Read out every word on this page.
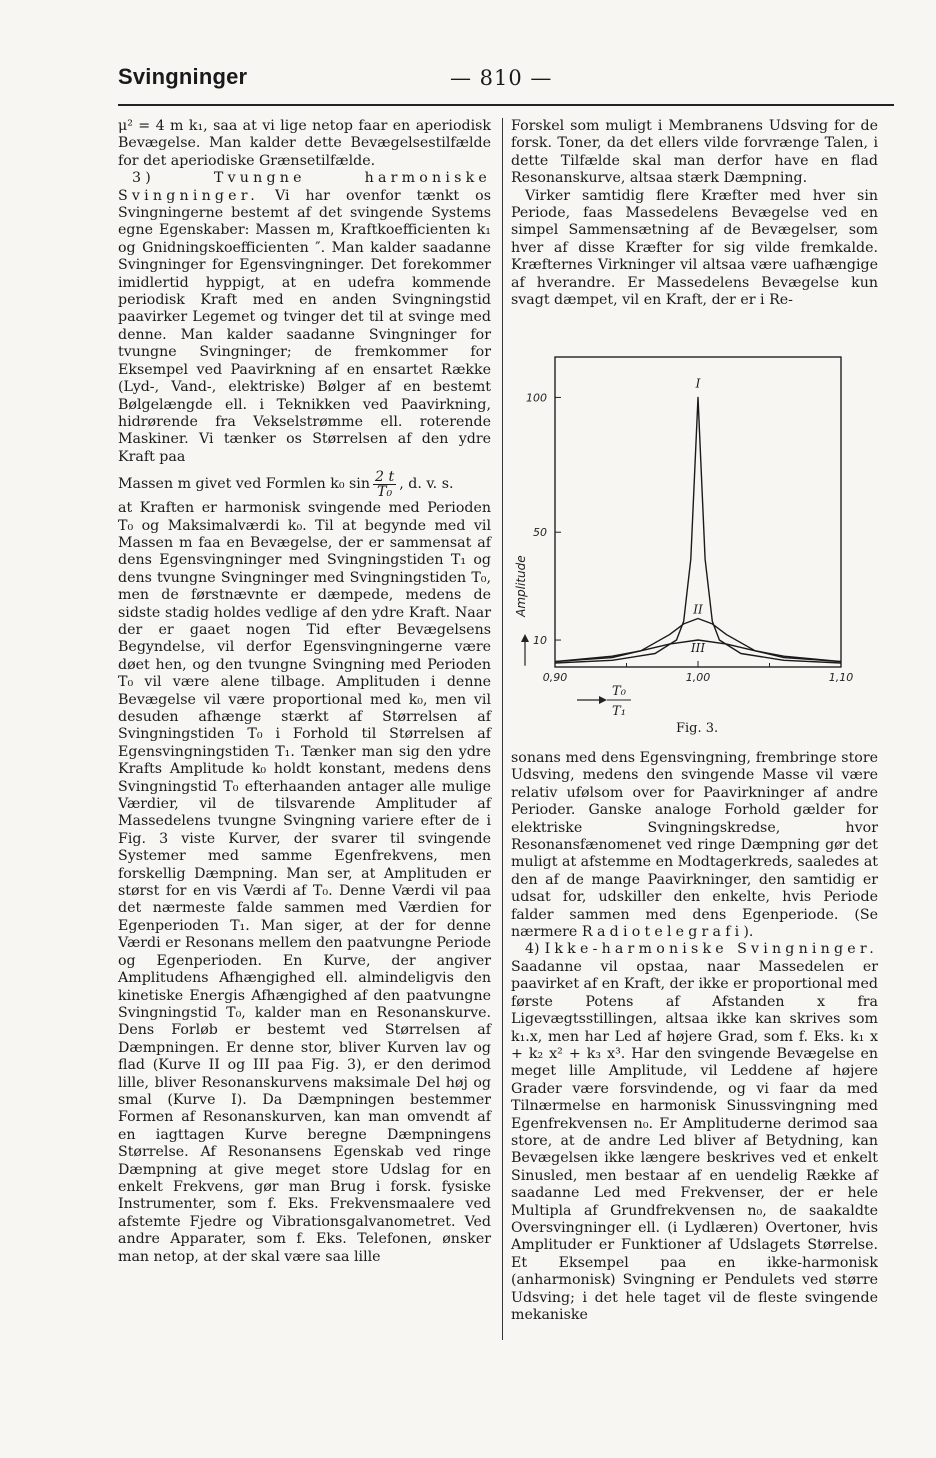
Svingninger	— 810 —

μ² = 4 m k₁, saa at vi lige netop faar en aperiodisk Bevægelse. Man kalder dette Bevægelsestilfælde for det aperiodiske Grænsetilfælde.

3) Tvungne harmoniske Svingninger. Vi har ovenfor tænkt os Svingningerne bestemt af det svingende Systems egne Egenskaber: Massen m, Kraftkoefficienten k₁ og Gnidningskoefficienten ″. Man kalder saadanne Svingninger for Egensvingninger. Det forekommer imidlertid hyppigt, at en udefra kommende periodisk Kraft med en anden Svingningstid paavirker Legemet og tvinger det til at svinge med denne. Man kalder saadanne Svingninger for tvungne Svingninger; de fremkommer for Eksempel ved Paavirkning af en ensartet Række (Lyd-, Vand-, elektriske) Bølger af en bestemt Bølgelængde ell. i Teknikken ved Paavirkning, hidrørende fra Vekselstrømme ell. roterende Maskiner. Vi tænker os Størrelsen af den ydre Kraft paa

Massen m givet ved Formlen k₀ $\sin \frac{2 t}{\text{T₀}}$ , d. v. s.

at Kraften er harmonisk svingende med Perioden T₀ og Maksimalværdi k₀. Til at begynde med vil Massen m faa en Bevægelse, der er sammensat af dens Egensvingninger med Svingningstiden T₁ og dens tvungne Svingninger med Svingningstiden T₀, men de førstnævnte er dæmpede, medens de sidste stadig holdes vedlige af den ydre Kraft. Naar der er gaaet nogen Tid efter Bevægelsens Begyndelse, vil derfor Egensvingningerne være døet hen, og den tvungne Svingning med Perioden T₀ vil være alene tilbage. Amplituden i denne Bevægelse vil være proportional med k₀, men vil desuden afhænge stærkt af Størrelsen af Svingningstiden T₀ i Forhold til Størrelsen af Egensvingningstiden T₁. Tænker man sig den ydre Krafts Amplitude k₀ holdt konstant, medens dens Svingningstid T₀ efterhaanden antager alle mulige Værdier, vil de tilsvarende Amplituder af Massedelens tvungne Svingning variere efter de i Fig. 3 viste Kurver, der svarer til svingende Systemer med samme Egenfrekvens, men forskellig Dæmpning. Man ser, at Amplituden er størst for en vis Værdi af T₀. Denne Værdi vil paa det nærmeste falde sammen med Værdien for Egenperioden T₁. Man siger, at der for denne Værdi er Resonans mellem den paatvungne Periode og Egenperioden. En Kurve, der angiver Amplitudens Afhængighed ell. almindeligvis den kinetiske Energis Afhængighed af den paatvungne Svingningstid T₀, kalder man en Resonanskurve. Dens Forløb er bestemt ved Størrelsen af Dæmpningen. Er denne stor, bliver Kurven lav og flad (Kurve II og III paa Fig. 3), er den derimod lille, bliver Resonanskurvens maksimale Del høj og smal (Kurve I). Da Dæmpningen bestemmer Formen af Resonanskurven, kan man omvendt af en iagttagen Kurve beregne Dæmpningens Størrelse. Af Resonansens Egenskab ved ringe Dæmpning at give meget store Udslag for en enkelt Frekvens, gør man Brug i forsk. fysiske Instrumenter, som f. Eks. Frekvensmaalere ved afstemte Fjedre og Vibrationsgalvanometret. Ved andre Apparater, som f. Eks. Telefonen, ønsker man netop, at der skal være saa lille

Forskel som muligt i Membranens Udsving for de forsk. Toner, da det ellers vilde forvrænge Talen, i dette Tilfælde skal man derfor have en flad Resonanskurve, altsaa stærk Dæmpning.

Virker samtidig flere Kræfter med hver sin Periode, faas Massedelens Bevægelse ved en simpel Sammensætning af de Bevægelser, som hver af disse Kræfter for sig vilde fremkalde. Kræfternes Virkninger vil altsaa være uafhængige af hverandre. Er Massedelens Bevægelse kun svagt dæmpet, vil en Kraft, der er i Re-

0,90	1,00	1,10
100
50
10
Amplitude
I
II
III
T₀
T₁
Fig. 3.

sonans med dens Egensvingning, frembringe store Udsving, medens den svingende Masse vil være relativ ufølsom over for Paavirkninger af andre Perioder. Ganske analoge Forhold gælder for elektriske Svingningskredse, hvor Resonansfænomenet ved ringe Dæmpning gør det muligt at afstemme en Modtagerkreds, saaledes at den af de mange Paavirkninger, den samtidig er udsat for, udskiller den enkelte, hvis Periode falder sammen med dens Egenperiode. (Se nærmere Radiotelegrafi).

4) Ikke-harmoniske Svingninger. Saadanne vil opstaa, naar Massedelen er paavirket af en Kraft, der ikke er proportional med første Potens af Afstanden x fra Ligevægtsstillingen, altsaa ikke kan skrives som k₁.x, men har Led af højere Grad, som f. Eks. k₁ x + k₂ x² + k₃ x³. Har den svingende Bevægelse en meget lille Amplitude, vil Leddene af højere Grader være forsvindende, og vi faar da med Tilnærmelse en harmonisk Sinussvingning med Egenfrekvensen n₀. Er Amplituderne derimod saa store, at de andre Led bliver af Betydning, kan Bevægelsen ikke længere beskrives ved et enkelt Sinusled, men bestaar af en uendelig Række af saadanne Led med Frekvenser, der er hele Multipla af Grundfrekvensen n₀, de saakaldte Oversvingninger ell. (i Lydlæren) Overtoner, hvis Amplituder er Funktioner af Udslagets Størrelse. Et Eksempel paa en ikke-harmonisk (anharmonisk) Svingning er Pendulets ved større Udsving; i det hele taget vil de fleste svingende mekaniske
